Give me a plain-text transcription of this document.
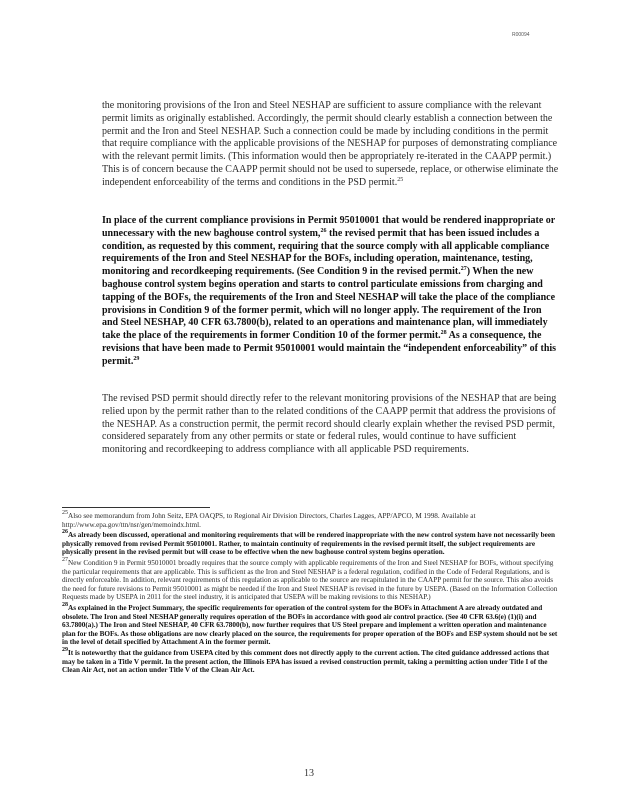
R00094

the monitoring provisions of the Iron and Steel NESHAP are sufficient to assure compliance with the relevant permit limits as originally established. Accordingly, the permit should clearly establish a connection between the permit and the Iron and Steel NESHAP. Such a connection could be made by including conditions in the permit that require compliance with the applicable provisions of the NESHAP for purposes of demonstrating compliance with the relevant permit limits. (This information would then be appropriately re-iterated in the CAAPP permit.) This is of concern because the CAAPP permit should not be used to supersede, replace, or otherwise eliminate the independent enforceability of the terms and conditions in the PSD permit.$^{25}$

In place of the current compliance provisions in Permit 95010001 that would be rendered inappropriate or unnecessary with the new baghouse control system,$^{26}$ the revised permit that has been issued includes a condition, as requested by this comment, requiring that the source comply with all applicable compliance requirements of the Iron and Steel NESHAP for the BOFs, including operation, maintenance, testing, monitoring and recordkeeping requirements. (See Condition 9 in the revised permit.$^{27}$) When the new baghouse control system begins operation and starts to control particulate emissions from charging and tapping of the BOFs, the requirements of the Iron and Steel NESHAP will take the place of the compliance provisions in Condition 9 of the former permit, which will no longer apply. The requirement of the Iron and Steel NESHAP, 40 CFR 63.7800(b), related to an operations and maintenance plan, will immediately take the place of the requirements in former Condition 10 of the former permit.$^{28}$ As a consequence, the revisions that have been made to Permit 95010001 would maintain the “independent enforceability” of this permit.$^{29}$

The revised PSD permit should directly refer to the relevant monitoring provisions of the NESHAP that are being relied upon by the permit rather than to the related conditions of the CAAPP permit that address the provisions of the NESHAP. As a construction permit, the permit record should clearly explain whether the revised PSD permit, considered separately from any other permits or state or federal rules, would continue to have sufficient monitoring and recordkeeping to address compliance with all applicable PSD requirements.

$^{25}$Also see memorandum from John Seitz, EPA OAQPS, to Regional Air Division Directors, Charles Lagges, APP/APCO, M 1998. Available at http://www.epa.gov/ttn/nsr/gen/memoindx.html.

$^{26}$As already been discussed, operational and monitoring requirements that will be rendered inappropriate with the new control system have not necessarily been physically removed from revised Permit 95010001. Rather, to maintain continuity of requirements in the revised permit itself, the subject requirements are physically present in the revised permit but will cease to be effective when the new baghouse control system begins operation.

$^{27}$New Condition 9 in Permit 95010001 broadly requires that the source comply with applicable requirements of the Iron and Steel NESHAP for BOFs, without specifying the particular requirements that are applicable. This is sufficient as the Iron and Steel NESHAP is a federal regulation, codified in the Code of Federal Regulations, and is directly enforceable. In addition, relevant requirements of this regulation as applicable to the source are recapitulated in the CAAPP permit for the source. This also avoids the need for future revisions to Permit 95010001 as might be needed if the Iron and Steel NESHAP is revised in the future by USEPA. (Based on the Information Collection Requests made by USEPA in 2011 for the steel industry, it is anticipated that USEPA will be making revisions to this NESHAP.)

$^{28}$As explained in the Project Summary, the specific requirements for operation of the control system for the BOFs in Attachment A are already outdated and obsolete. The Iron and Steel NESHAP generally requires operation of the BOFs in accordance with good air control practice. (See 40 CFR 63.6(e) (1)(i) and 63.7800(a).) The Iron and Steel NESHAP, 40 CFR 63.7800(b), now further requires that US Steel prepare and implement a written operation and maintenance plan for the BOFs. As those obligations are now clearly placed on the source, the requirements for proper operation of the BOFs and ESP system should not be set in the level of detail specified by Attachment A in the former permit.

$^{29}$It is noteworthy that the guidance from USEPA cited by this comment does not directly apply to the current action. The cited guidance addressed actions that may be taken in a Title V permit. In the present action, the Illinois EPA has issued a revised construction permit, taking a permitting action under Title I of the Clean Air Act, not an action under Title V of the Clean Air Act.

13
